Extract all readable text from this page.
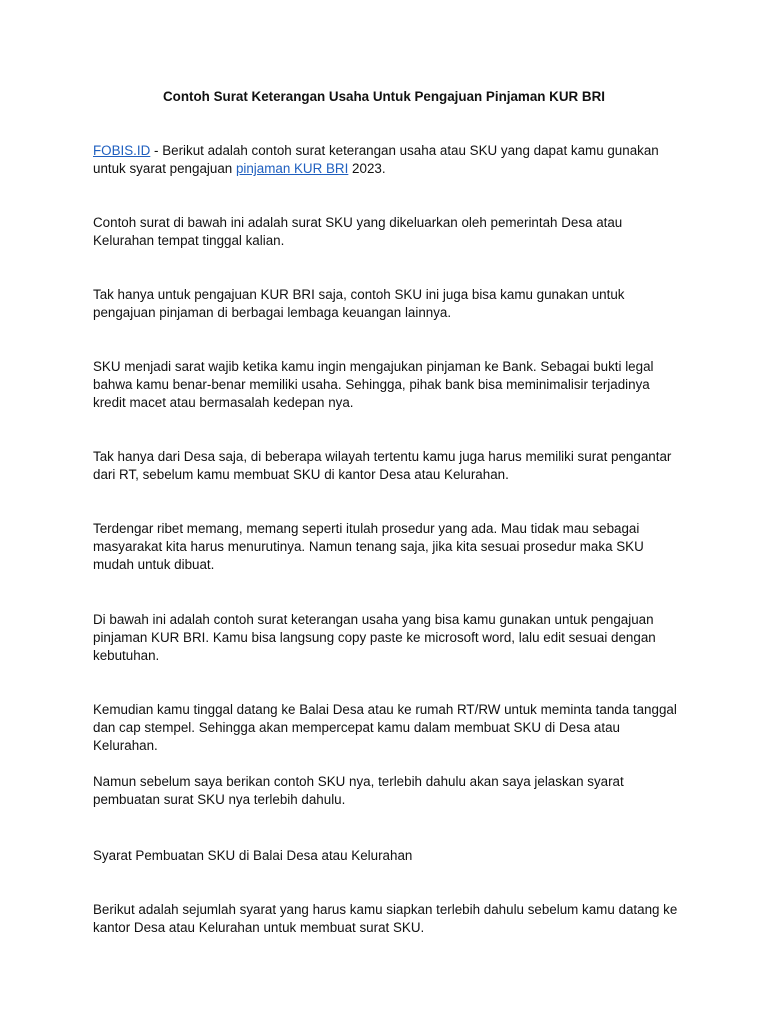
Contoh Surat Keterangan Usaha Untuk Pengajuan Pinjaman KUR BRI

FOBIS.ID - Berikut adalah contoh surat keterangan usaha atau SKU yang dapat kamu gunakan untuk syarat pengajuan pinjaman KUR BRI 2023.

Contoh surat di bawah ini adalah surat SKU yang dikeluarkan oleh pemerintah Desa atau Kelurahan tempat tinggal kalian.

Tak hanya untuk pengajuan KUR BRI saja, contoh SKU ini juga bisa kamu gunakan untuk pengajuan pinjaman di berbagai lembaga keuangan lainnya.

SKU menjadi sarat wajib ketika kamu ingin mengajukan pinjaman ke Bank. Sebagai bukti legal bahwa kamu benar-benar memiliki usaha. Sehingga, pihak bank bisa meminimalisir terjadinya kredit macet atau bermasalah kedepan nya.

Tak hanya dari Desa saja, di beberapa wilayah tertentu kamu juga harus memiliki surat pengantar dari RT, sebelum kamu membuat SKU di kantor Desa atau Kelurahan.

Terdengar ribet memang, memang seperti itulah prosedur yang ada. Mau tidak mau sebagai masyarakat kita harus menurutinya. Namun tenang saja, jika kita sesuai prosedur maka SKU mudah untuk dibuat.

Di bawah ini adalah contoh surat keterangan usaha yang bisa kamu gunakan untuk pengajuan pinjaman KUR BRI. Kamu bisa langsung copy paste ke microsoft word, lalu edit sesuai dengan kebutuhan.

Kemudian kamu tinggal datang ke Balai Desa atau ke rumah RT/RW untuk meminta tanda tanggal dan cap stempel. Sehingga akan mempercepat kamu dalam membuat SKU di Desa atau Kelurahan.

Namun sebelum saya berikan contoh SKU nya, terlebih dahulu akan saya jelaskan syarat pembuatan surat SKU nya terlebih dahulu.

Syarat Pembuatan SKU di Balai Desa atau Kelurahan

Berikut adalah sejumlah syarat yang harus kamu siapkan terlebih dahulu sebelum kamu datang ke kantor Desa atau Kelurahan untuk membuat surat SKU.
